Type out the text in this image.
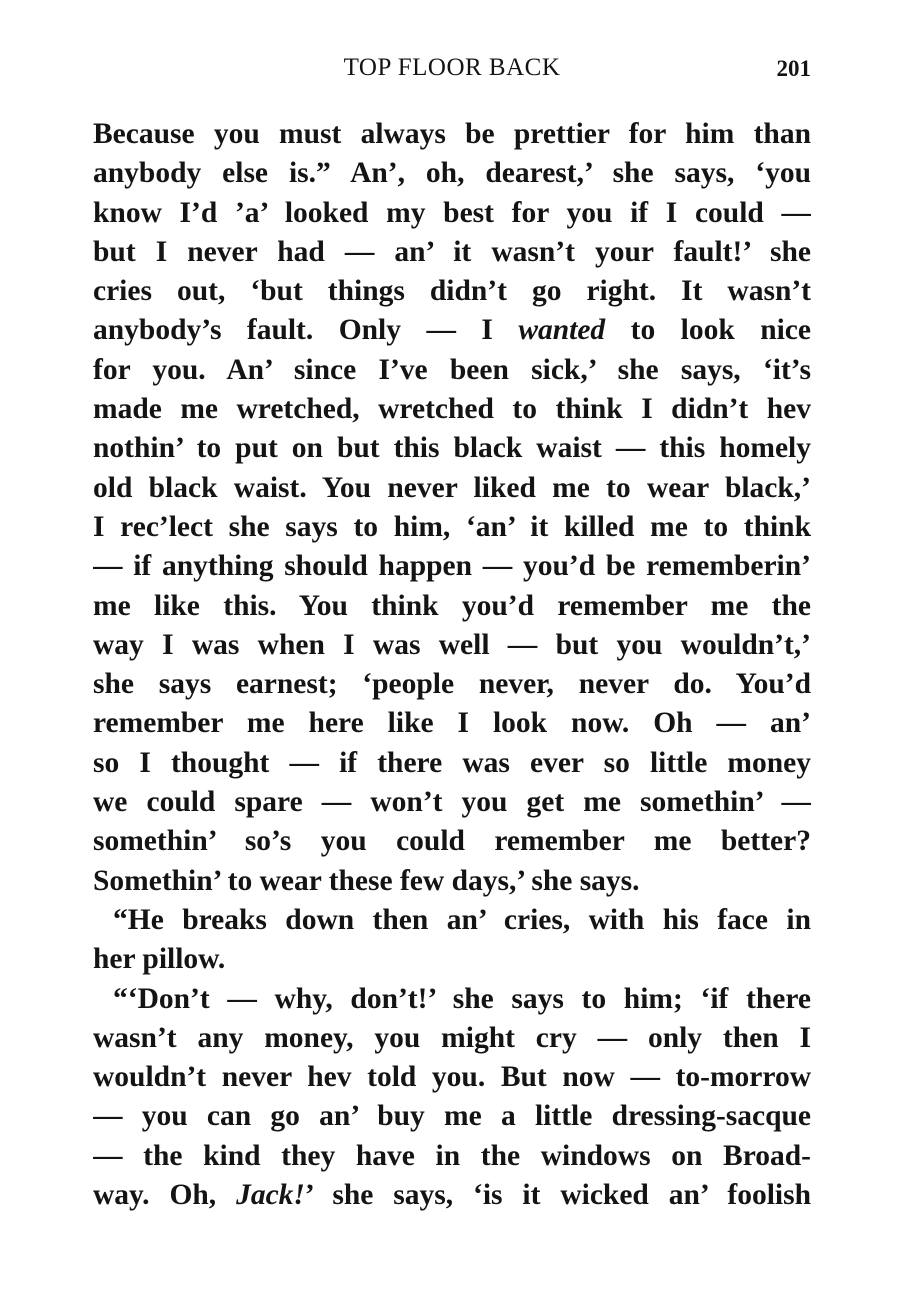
TOP FLOOR BACK	201
Because you must always be prettier for him than
anybody else is.” An’, oh, dearest,’ she says, ‘you
know I’d ’a’ looked my best for you if I could —
but I never had — an’ it wasn’t your fault!’ she
cries out, ‘but things didn’t go right. It wasn’t
anybody’s fault. Only — I wanted to look nice
for you. An’ since I’ve been sick,’ she says, ‘it’s
made me wretched, wretched to think I didn’t hev
nothin’ to put on but this black waist — this homely
old black waist. You never liked me to wear black,’
I rec’lect she says to him, ‘an’ it killed me to think
— if anything should happen — you’d be rememberin’
me like this. You think you’d remember me the
way I was when I was well — but you wouldn’t,’
she says earnest; ‘people never, never do. You’d
remember me here like I look now. Oh — an’
so I thought — if there was ever so little money
we could spare — won’t you get me somethin’ —
somethin’ so’s you could remember me better?
Somethin’ to wear these few days,’ she says.
“He breaks down then an’ cries, with his face in
her pillow.
“‘Don’t — why, don’t!’ she says to him; ‘if there
wasn’t any money, you might cry — only then I
wouldn’t never hev told you. But now — to-morrow
— you can go an’ buy me a little dressing-sacque
— the kind they have in the windows on Broad-
way. Oh, Jack!’ she says, ‘is it wicked an’ foolish
